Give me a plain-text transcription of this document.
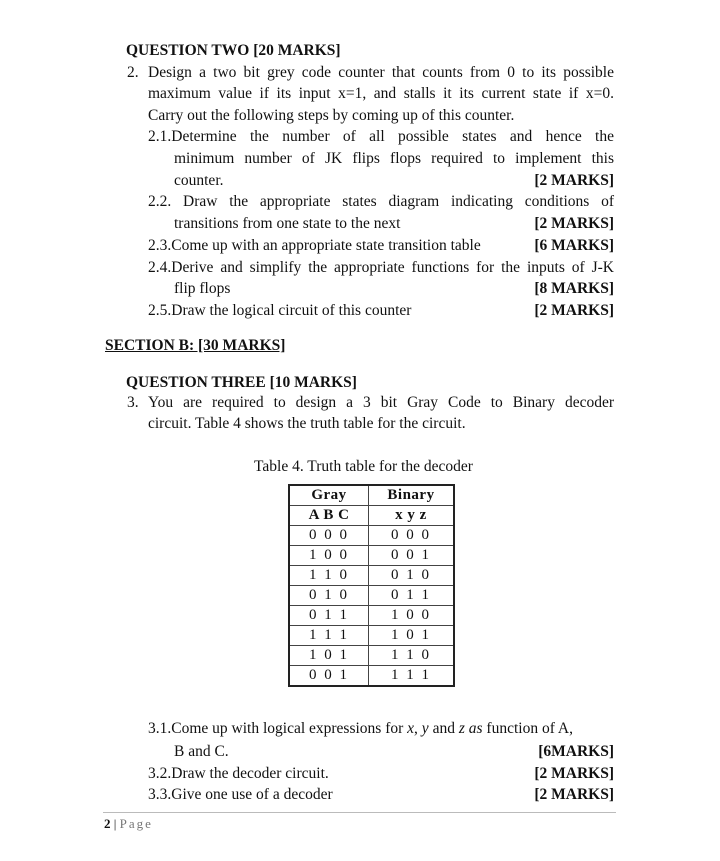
QUESTION TWO [20 MARKS]
2. Design a two bit grey code counter that counts from 0 to its possible
maximum value if its input x=1, and stalls it its current state if x=0.
Carry out the following steps by coming up of this counter.
2.1.Determine the number of all possible states and hence the
minimum number of JK flips flops required to implement this
counter.	[2 MARKS]
2.2. Draw the appropriate states diagram indicating conditions of
transitions from one state to the next	[2 MARKS]
2.3.Come up with an appropriate state transition table	[6 MARKS]
2.4.Derive and simplify the appropriate functions for the inputs of J-K
flip flops	[8 MARKS]
2.5.Draw the logical circuit of this counter	[2 MARKS]
SECTION B: [30 MARKS]
QUESTION THREE [10 MARKS]
3. You are required to design a 3 bit Gray Code to Binary decoder
circuit. Table 4 shows the truth table for the circuit.
Table 4. Truth table for the decoder
Gray	Binary
A B C	x y z
0 0 0	0 0 0
1 0 0	0 0 1
1 1 0	0 1 0
0 1 0	0 1 1
0 1 1	1 0 0
1 1 1	1 0 1
1 0 1	1 1 0
0 0 1	1 1 1
3.1.Come up with logical expressions for x, y and z as function of A,
B and C.	[6MARKS]
3.2.Draw the decoder circuit.	[2 MARKS]
3.3.Give one use of a decoder	[2 MARKS]
2 | Page
